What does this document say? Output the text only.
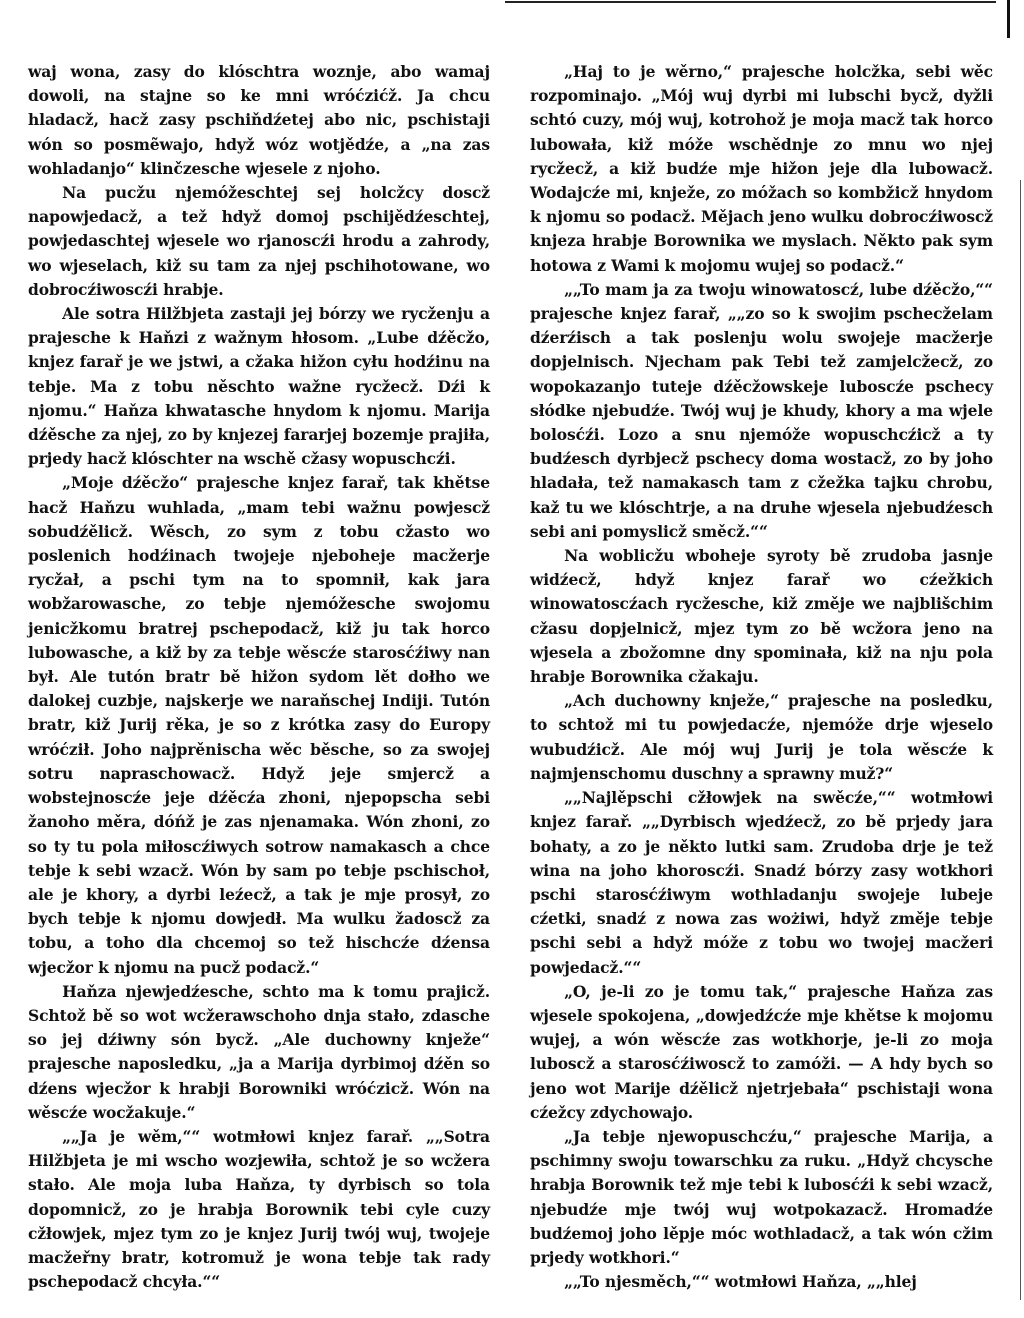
waj wona, zasy do klóschtra woznje, abo wamaj dowoli, na stajne so ke mni wróćzićž. Ja chcu hladacž, hacž zasy pschiňdźetej abo nic, pschistaji wón so posmẽwajo, hdyž wóz wotjědźe, a „na zas wohladanjo“ klinčzesche wjesele z njoho.

Na pucžu njemóžeschtej sej holcžcy doscž napowjedacž, a tež hdyž domoj pschijědźeschtej, powjedaschtej wjesele wo rjanoscźi hrodu a zahrody, wo wjeselach, kiž su tam za njej pschihotowane, wo dobrocźiwoscźi hrabje.

Ale sotra Hilžbjeta zastaji jej bórzy we rycženju a prajesche k Haňzi z wažnym hłosom. „Lube dźěcžo, knjez farař je we jstwi, a cžaka hižon cyłu hodźinu na tebje. Ma z tobu něschto wažne rycžecž. Dźi k njomu.“ Haňza khwatasche hnydom k njomu. Marija dźěsche za njej, zo by knjezej fararjej bozemje prajiła, prjedy hacž klóschter na wschě cžasy wopuschcźi.

„Moje dźěcžo“ prajesche knjez farař, tak khětse hacž Haňzu wuhlada, „mam tebi wažnu powjescž sobudźělicž. Wěsch, zo sym z tobu cžasto wo poslenich hodźinach twojeje njeboheje macžerje rycžał, a pschi tym na to spomnił, kak jara wobžarowasche, zo tebje njemóžesche swojomu jenicžkomu bratrej pschepodacž, kiž ju tak horco lubowasche, a kiž by za tebje wěscźe starosćźiwy nan był. Ale tutón bratr bě hižon sydom lět dołho we dalokej cuzbje, najskerje we naraňschej Indiji. Tutón bratr, kiž Jurij rěka, je so z krótka zasy do Europy wróćził. Joho najprěnischa wěc běsche, so za swojej sotru napraschowacž. Hdyž jeje smjercž a wobstejnoscźe jeje dźěcźa zhoni, njepopscha sebi žanoho měra, dóńž je zas njenamaka. Wón zhoni, zo so ty tu pola miłoscźiwych sotrow namakasch a chce tebje k sebi wzacž. Wón by sam po tebje pschischoł, ale je khory, a dyrbi leźecž, a tak je mje prosył, zo bych tebje k njomu dowjedł. Ma wulku žadoscž za tobu, a toho dla chcemoj so tež hischcźe dźensa wjecžor k njomu na pucž podacž.“

Haňza njewjedźesche, schto ma k tomu prajicž. Schtož bě so wot wcžerawschoho dnja stało, zdasche so jej dźiwny són bycž. „Ale duchowny knježe“ prajesche naposledku, „ja a Marija dyrbimoj dźěn so dźens wjecžor k hrabji Borowniki wróćzicž. Wón na wěscźe wocžakuje.“

„„Ja je wěm,““ wotmłowi knjez farař. „„Sotra Hilžbjeta je mi wscho wozjewiła, schtož je so wcžera stało. Ale moja luba Haňza, ty dyrbisch so tola dopomnicž, zo je hrabja Borownik tebi cyle cuzy cžłowjek, mjez tym zo je knjez Jurij twój wuj, twojeje macžeřny bratr, kotromuž je wona tebje tak rady pschepodacž chcyła.““

„Haj to je wěrno,“ prajesche holcžka, sebi wěc rozpominajo. „Mój wuj dyrbi mi lubschi bycž, dyžli schtó cuzy, mój wuj, kotrohož je moja macž tak horco lubowała, kiž móže wschědnje zo mnu wo njej rycžecž, a kiž budźe mje hižon jeje dla lubowacž. Wodajcźe mi, knježe, zo móžach so kombžicž hnydom k njomu so podacž. Mějach jeno wulku dobrocźiwoscž knjeza hrabje Borownika we myslach. Někto pak sym hotowa z Wami k mojomu wujej so podacž.“

„„To mam ja za twoju winowatoscź, lube dźěcžo,““ prajesche knjez farař, „„zo so k swojim pschecželam dźerźisch a tak poslenju wolu swojeje macžerje dopjelnisch. Njecham pak Tebi tež zamjelcžecž, zo wopokazanjo tuteje dźěcžowskeje luboscźe pschecy słódke njebudźe. Twój wuj je khudy, khory a ma wjele bolosćźi. Lozo a snu njemóže wopuschcźicž a ty budźesch dyrbjecž pschecy doma wostacž, zo by joho hladała, tež namakasch tam z cžežka tajku chrobu, kaž tu we klóschtrje, a na druhe wjesela njebudźesch sebi ani pomyslicž směcž.““

Na woblicžu wboheje syroty bě zrudoba jasnje widźecž, hdyž knjez farař wo cźežkich winowatoscźach rycžesche, kiž změje we najblišchim cžasu dopjelnicž, mjez tym zo bě wcžora jeno na wjesela a zbožomne dny spominała, kiž na nju pola hrabje Borownika cžakaju.

„Ach duchowny knježe,“ prajesche na posledku, to schtož mi tu powjedacźe, njemóže drje wjeselo wubudźicž. Ale mój wuj Jurij je tola wěscźe k najmjenschomu duschny a sprawny muž?“

„„Najlěpschi cžłowjek na swěcźe,““ wotmłowi knjez farař. „„Dyrbisch wjedźecž, zo bě prjedy jara bohaty, a zo je někto lutki sam. Zrudoba drje je tež wina na joho khoroscźi. Snadź bórzy zasy wotkhori pschi starosćźiwym wothladanju swojeje lubeje cźetki, snadź z nowa zas wożiwi, hdyž změje tebje pschi sebi a hdyž móže z tobu wo twojej macžeri powjedacž.““

„O, je-li zo je tomu tak,“ prajesche Haňza zas wjesele spokojena, „dowjedźcźe mje khětse k mojomu wujej, a wón wěscźe zas wotkhorje, je-li zo moja luboscž a starosćźiwoscž to zamóži. — A hdy bych so jeno wot Marije dźělicž njetrjebała“ pschistaji wona cźežcy zdychowajo.

„Ja tebje njewopuschcźu,“ prajesche Marija, a pschimny swoju towarschku za ruku. „Hdyž chcysche hrabja Borownik tež mje tebi k lubosćźi k sebi wzacž, njebudźe mje twój wuj wotpokazacž. Hromadźe budźemoj joho lěpje móc wothladacž, a tak wón cžim prjedy wotkhori.“

„„To njesměch,““ wotmłowi Haňza, „„hlej
